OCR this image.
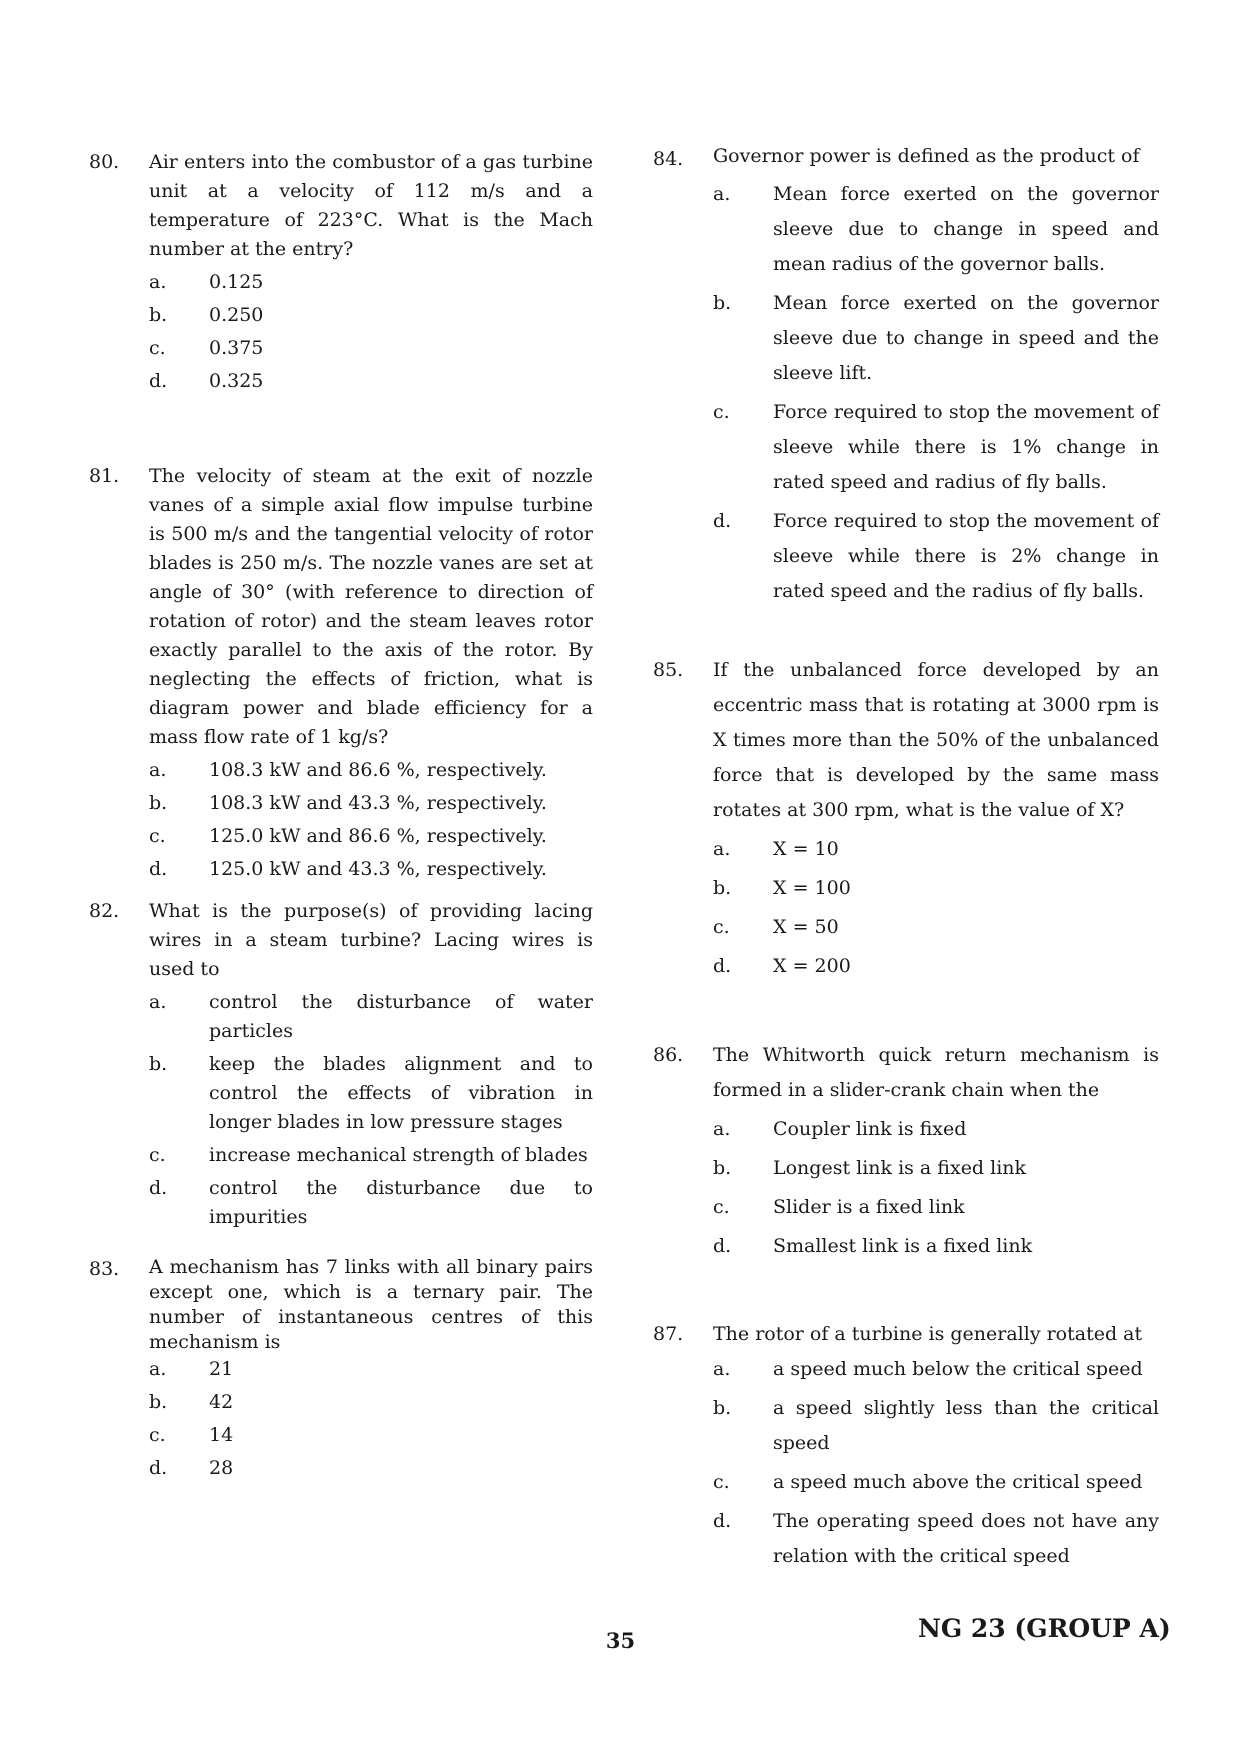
80.	Air enters into the combustor of a gas turbine unit at a velocity of 112 m/s and a temperature of 223°C. What is the Mach number at the entry?
a.	0.125
b.	0.250
c.	0.375
d.	0.325
81.	The velocity of steam at the exit of nozzle vanes of a simple axial flow impulse turbine is 500 m/s and the tangential velocity of rotor blades is 250 m/s. The nozzle vanes are set at angle of 30° (with reference to direction of rotation of rotor) and the steam leaves rotor exactly parallel to the axis of the rotor. By neglecting the effects of friction, what is diagram power and blade efficiency for a mass flow rate of 1 kg/s?
a.	108.3 kW and 86.6 %, respectively.
b.	108.3 kW and 43.3 %, respectively.
c.	125.0 kW and 86.6 %, respectively.
d.	125.0 kW and 43.3 %, respectively.
82.	What is the purpose(s) of providing lacing wires in a steam turbine? Lacing wires is used to
a.	control the disturbance of water particles
b.	keep the blades alignment and to control the effects of vibration in longer blades in low pressure stages
c.	increase mechanical strength of blades
d.	control the disturbance due to impurities
83.	A mechanism has 7 links with all binary pairs except one, which is a ternary pair. The number of instantaneous centres of this mechanism is
a.	21
b.	42
c.	14
d.	28
84.	Governor power is defined as the product of
a.	Mean force exerted on the governor sleeve due to change in speed and mean radius of the governor balls.
b.	Mean force exerted on the governor sleeve due to change in speed and the sleeve lift.
c.	Force required to stop the movement of sleeve while there is 1% change in rated speed and radius of fly balls.
d.	Force required to stop the movement of sleeve while there is 2% change in rated speed and the radius of fly balls.
85.	If the unbalanced force developed by an eccentric mass that is rotating at 3000 rpm is X times more than the 50% of the unbalanced force that is developed by the same mass rotates at 300 rpm, what is the value of X?
a.	X = 10
b.	X = 100
c.	X = 50
d.	X = 200
86.	The Whitworth quick return mechanism is formed in a slider-crank chain when the
a.	Coupler link is fixed
b.	Longest link is a fixed link
c.	Slider is a fixed link
d.	Smallest link is a fixed link
87.	The rotor of a turbine is generally rotated at
a.	a speed much below the critical speed
b.	a speed slightly less than the critical speed
c.	a speed much above the critical speed
d.	The operating speed does not have any relation with the critical speed
35	NG 23 (GROUP A)
